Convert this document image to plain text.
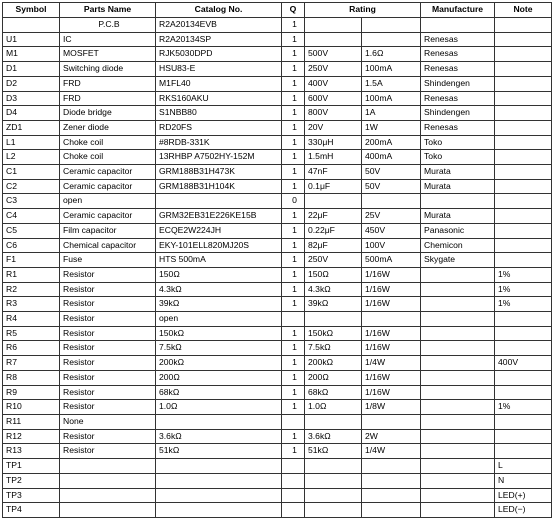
Symbol	Parts Name	Catalog No.	Q	Rating		Manufacture	Note
	P.C.B	R2A20134EVB	1				
U1	IC	R2A20134SP	1			Renesas	
M1	MOSFET	RJK5030DPD	1	500V	1.6Ω	Renesas	
D1	Switching diode	HSU83-E	1	250V	100mA	Renesas	
D2	FRD	M1FL40	1	400V	1.5A	Shindengen	
D3	FRD	RKS160AKU	1	600V	100mA	Renesas	
D4	Diode bridge	S1NBB80	1	800V	1A	Shindengen	
ZD1	Zener diode	RD20FS	1	20V	1W	Renesas	
L1	Choke coil	#8RDB-331K	1	330μH	200mA	Toko	
L2	Choke coil	13RHBP A7502HY-152M	1	1.5mH	400mA	Toko	
C1	Ceramic capacitor	GRM188B31H473K	1	47nF	50V	Murata	
C2	Ceramic capacitor	GRM188B31H104K	1	0.1μF	50V	Murata	
C3	open		0				
C4	Ceramic capacitor	GRM32EB31E226KE15B	1	22μF	25V	Murata	
C5	Film capacitor	ECQE2W224JH	1	0.22μF	450V	Panasonic	
C6	Chemical capacitor	EKY-101ELL820MJ20S	1	82μF	100V	Chemicon	
F1	Fuse	HTS 500mA	1	250V	500mA	Skygate	
R1	Resistor	150Ω	1	150Ω	1/16W		1%
R2	Resistor	4.3kΩ	1	4.3kΩ	1/16W		1%
R3	Resistor	39kΩ	1	39kΩ	1/16W		1%
R4	Resistor	open					
R5	Resistor	150kΩ	1	150kΩ	1/16W		
R6	Resistor	7.5kΩ	1	7.5kΩ	1/16W		
R7	Resistor	200kΩ	1	200kΩ	1/4W		400V
R8	Resistor	200Ω	1	200Ω	1/16W		
R9	Resistor	68kΩ	1	68kΩ	1/16W		
R10	Resistor	1.0Ω	1	1.0Ω	1/8W		1%
R11	None						
R12	Resistor	3.6kΩ	1	3.6kΩ	2W		
R13	Resistor	51kΩ	1	51kΩ	1/4W		
TP1							L
TP2							N
TP3							LED(+)
TP4							LED(−)
